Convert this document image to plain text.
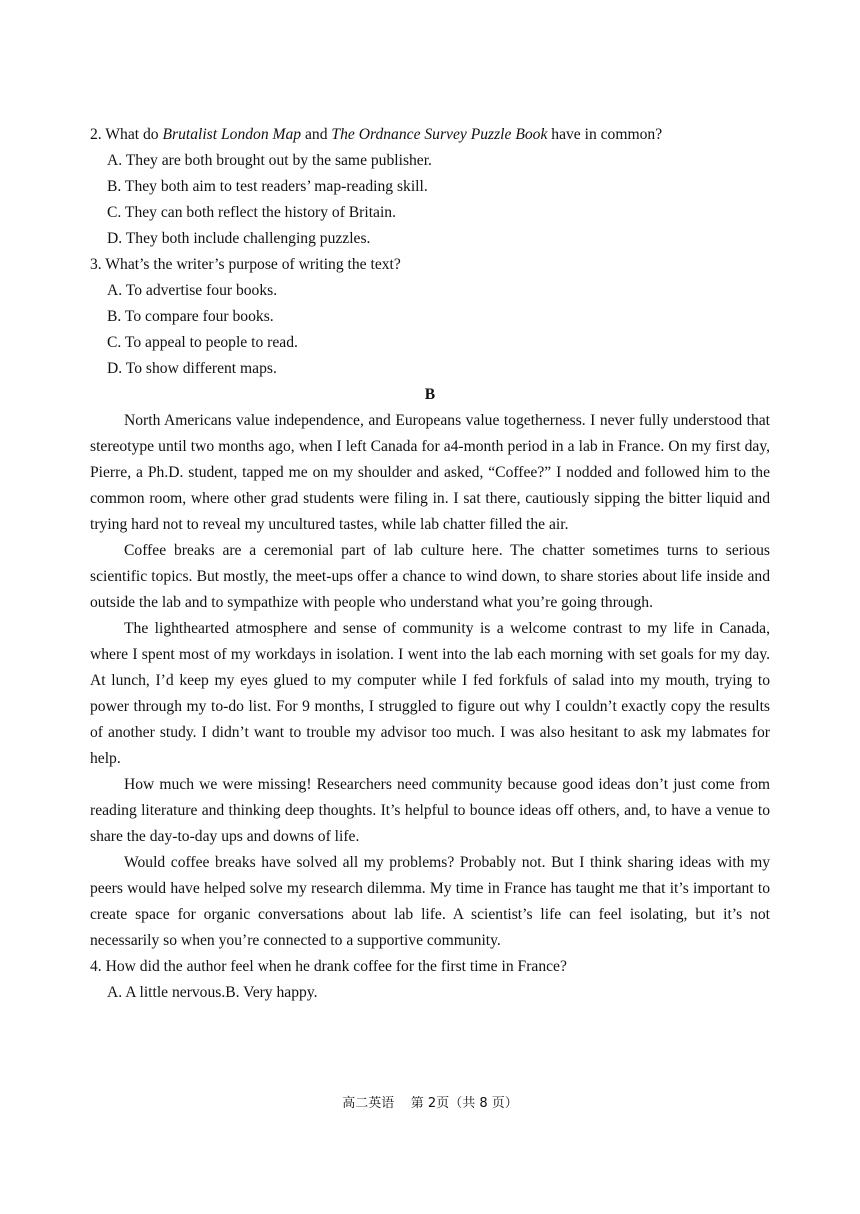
2. What do Brutalist London Map and The Ordnance Survey Puzzle Book have in common?
A. They are both brought out by the same publisher.
B. They both aim to test readers’ map-reading skill.
C. They can both reflect the history of Britain.
D. They both include challenging puzzles.
3. What’s the writer’s purpose of writing the text?
A. To advertise four books.
B. To compare four books.
C. To appeal to people to read.
D. To show different maps.
B

North Americans value independence, and Europeans value togetherness. I never fully understood that stereotype until two months ago, when I left Canada for a4-month period in a lab in France. On my first day, Pierre, a Ph.D. student, tapped me on my shoulder and asked, “Coffee?” I nodded and followed him to the common room, where other grad students were filing in. I sat there, cautiously sipping the bitter liquid and trying hard not to reveal my uncultured tastes, while lab chatter filled the air.

Coffee breaks are a ceremonial part of lab culture here. The chatter sometimes turns to serious scientific topics. But mostly, the meet-ups offer a chance to wind down, to share stories about life inside and outside the lab and to sympathize with people who understand what you’re going through.

The lighthearted atmosphere and sense of community is a welcome contrast to my life in Canada, where I spent most of my workdays in isolation. I went into the lab each morning with set goals for my day. At lunch, I’d keep my eyes glued to my computer while I fed forkfuls of salad into my mouth, trying to power through my to-do list. For 9 months, I struggled to figure out why I couldn’t exactly copy the results of another study. I didn’t want to trouble my advisor too much. I was also hesitant to ask my labmates for help.

How much we were missing! Researchers need community because good ideas don’t just come from reading literature and thinking deep thoughts. It’s helpful to bounce ideas off others, and, to have a venue to share the day-to-day ups and downs of life.

Would coffee breaks have solved all my problems? Probably not. But I think sharing ideas with my peers would have helped solve my research dilemma. My time in France has taught me that it’s important to create space for organic conversations about lab life. A scientist’s life can feel isolating, but it’s not necessarily so when you’re connected to a supportive community.

4. How did the author feel when he drank coffee for the first time in France?
A. A little nervous.B. Very happy.
高二英语 第 2页（共 8 页）
